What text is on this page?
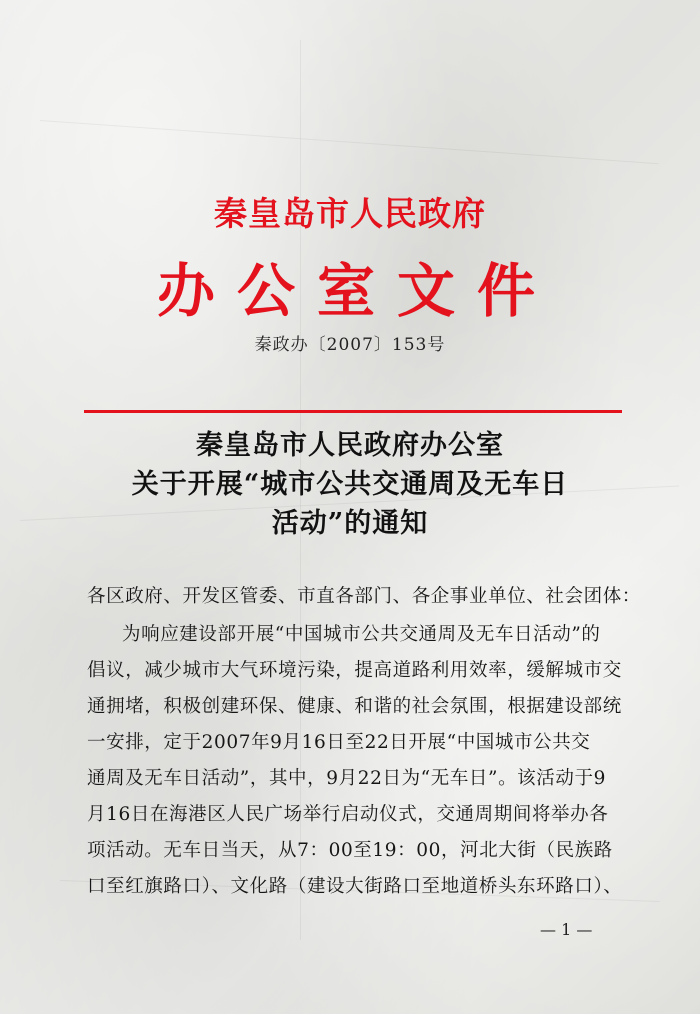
秦皇岛市人民政府
办公室文件
秦政办〔2007〕153号
秦皇岛市人民政府办公室
关于开展“城市公共交通周及无车日
活动”的通知
各区政府、开发区管委、市直各部门、各企事业单位、社会团体：
为响应建设部开展“中国城市公共交通周及无车日活动”的
倡议，减少城市大气环境污染，提高道路利用效率，缓解城市交
通拥堵，积极创建环保、健康、和谐的社会氛围，根据建设部统
一安排，定于2007年9月16日至22日开展“中国城市公共交
通周及无车日活动”，其中，9月22日为“无车日”。该活动于9
月16日在海港区人民广场举行启动仪式，交通周期间将举办各
项活动。无车日当天，从7：00至19：00，河北大街（民族路
口至红旗路口）、文化路（建设大街路口至地道桥头东环路口）、
— 1 —
